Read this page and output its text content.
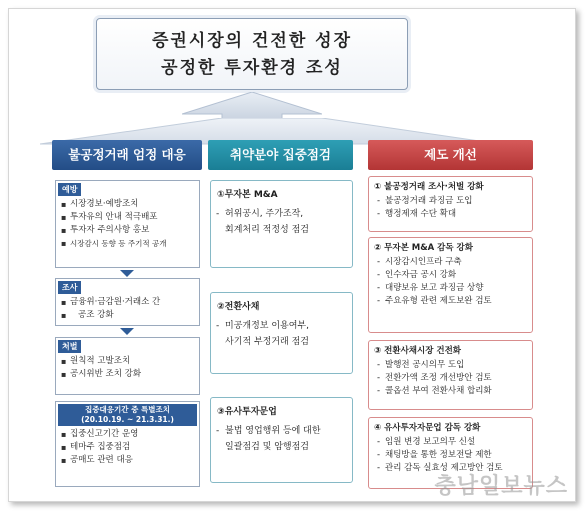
증권시장의 건전한 성장
공정한 투자환경 조성
불공정거래 엄정 대응	취약분야 집중점검	제도 개선
예방
▪ 시장경보·예방조치
▪ 투자유의 안내 적극배포
▪ 투자자 주의사항 홍보
▪ 시장감시 동향 등 주기적 공개
조사
▪ 금융위·금감원·거래소 간
▪ 공조 강화
처벌
▪ 원칙적 고발조치
▪ 공시위반 조치 강화
집중대응기간 중 특별조치
(20.10.19. ~ 21.3.31.)
▪ 집중신고기간 운영
▪ 테마주 집중점검
▪ 공매도 관련 대응
①무자본 M&A
- 허위공시, 주가조작,
회계처리 적정성 점검
②전환사채
- 미공개정보 이용여부,
사기적 부정거래 점검
③유사투자문업
- 불법 영업행위 등에 대한
일괄점검 및 암행점검
① 불공정거래 조사·처벌 강화
- 불공정거래 과징금 도입
- 행정제재 수단 확대
② 무자본 M&A 감독 강화
- 시장감시인프라 구축
- 인수자금 공시 강화
- 대량보유 보고 과징금 상향
- 주요유형 관련 제도보완 검토
③ 전환사채시장 건전화
- 발행전 공시의무 도입
- 전환가액 조정 개선방안 검토
- 콜옵션 부여 전환사채 합리화
④ 유사투자자문업 감독 강화
- 임원 변경 보고의무 신설
- 채팅방을 통한 정보전달 제한
- 관리 감독 실효성 제고방안 검토
충남일보뉴스
